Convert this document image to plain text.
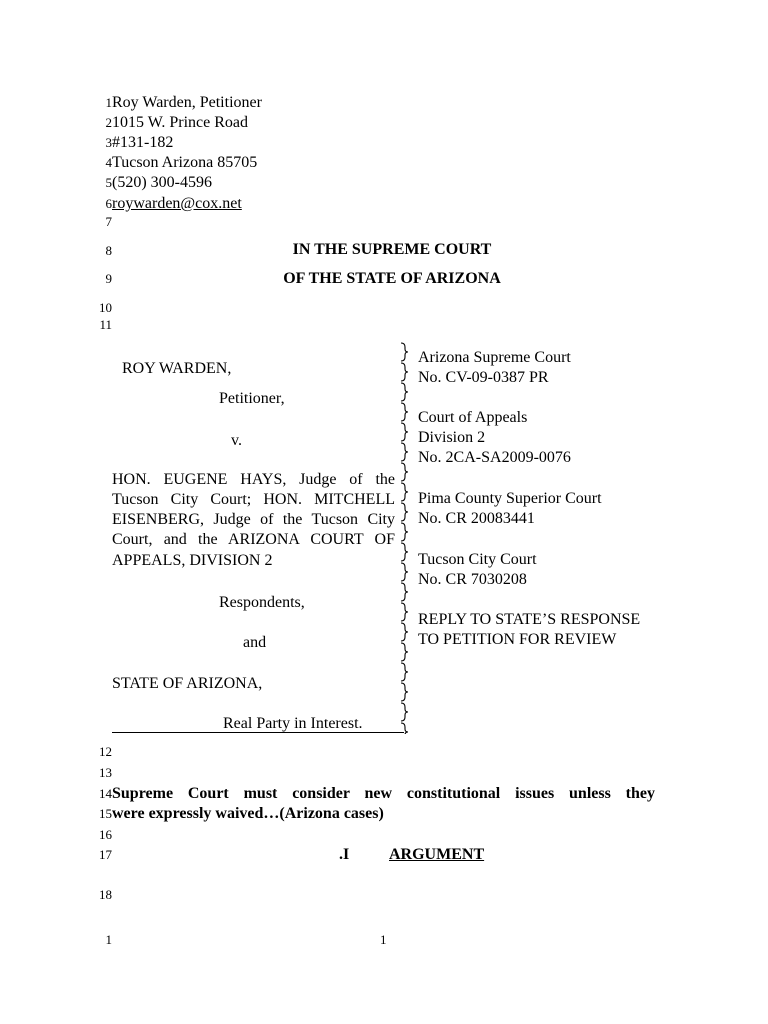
1
2
3
4
5
6
7
Roy Warden, Petitioner
1015 W. Prince Road
#131-182
Tucson Arizona 85705
(520) 300-4596
roywarden@cox.net
8
9
10
11
IN THE SUPREME COURT
OF THE STATE OF ARIZONA
ROY WARDEN,
Petitioner,
v.
HON. EUGENE HAYS, Judge of the
Tucson City Court; HON. MITCHELL
EISENBERG, Judge of the Tucson City
Court, and the ARIZONA COURT OF
APPEALS, DIVISION 2
Respondents,
and
STATE OF ARIZONA,
Real Party in Interest.
Arizona Supreme Court
No. CV-09-0387 PR
Court of Appeals
Division 2
No. 2CA-SA2009-0076
Pima County Superior Court
No. CR 20083441
Tucson City Court
No. CR 7030208
REPLY TO STATE’S RESPONSE
TO PETITION FOR REVIEW
12
13
14
15
16
17
18
Supreme Court must consider new constitutional issues unless they
were expressly waived…(Arizona cases)
.I ARGUMENT
1	1
